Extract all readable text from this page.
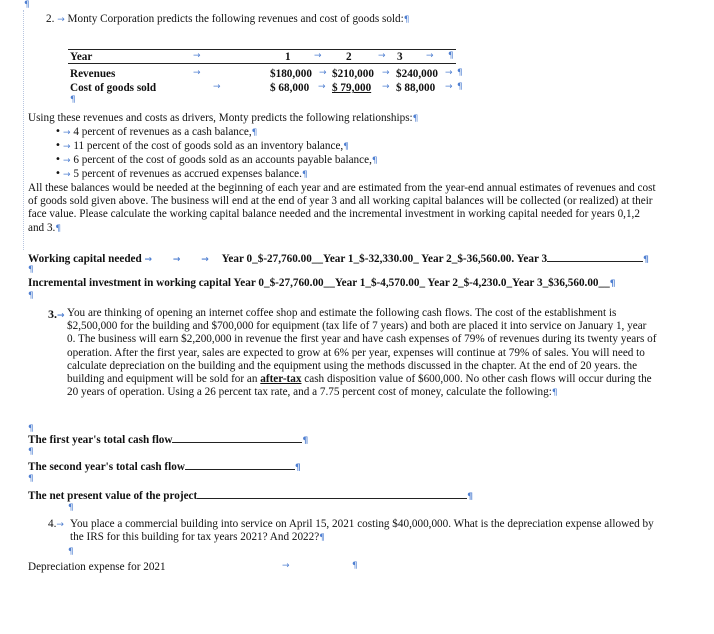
¶
2. → Monty Corporation predicts the following revenues and cost of goods sold:¶
Year	→	1	→ 2	→ 3	→ ¶
Revenues	→	$180,000 → $210,000 → $240,000 → ¶
Cost of goods sold	→	$ 68,000 → $ 79,000 → $ 88,000 → ¶
¶
Using these revenues and costs as drivers, Monty predicts the following relationships:¶
• → 4 percent of revenues as a cash balance,¶
• → 11 percent of the cost of goods sold as an inventory balance,¶
• → 6 percent of the cost of goods sold as an accounts payable balance,¶
• → 5 percent of revenues as accrued expenses balance.¶
All these balances would be needed at the beginning of each year and are estimated from the year-end annual estimates of revenues and cost of goods sold given above. The business will end at the end of year 3 and all working capital balances will be collected (or realized) at their face value. Please calculate the working capital balance needed and the incremental investment in working capital needed for years 0,1,2 and 3.¶
Working capital needed → → → Year 0_$-27,760.00__Year 1_$-32,330.00_ Year 2_$-36,560.00. Year 3	¶
¶
Incremental investment in working capital Year 0_$-27,760.00__Year 1_$-4,570.00_ Year 2_$-4,230.0_Year 3_$36,560.00__¶
¶
3.→ You are thinking of opening an internet coffee shop and estimate the following cash flows. The cost of the establishment is $2,500,000 for the building and $700,000 for equipment (tax life of 7 years) and both are placed it into service on January 1, year 0. The business will earn $2,200,000 in revenue the first year and have cash expenses of 79% of revenues during its twenty years of operation. After the first year, sales are expected to grow at 6% per year, expenses will continue at 79% of sales. You will need to calculate depreciation on the building and the equipment using the methods discussed in the chapter. At the end of 20 years. the building and equipment will be sold for an after-tax cash disposition value of $600,000. No other cash flows will occur during the 20 years of operation. Using a 26 percent tax rate, and a 7.75 percent cost of money, calculate the following:¶
¶
The first year's total cash flow	¶
¶
The second year's total cash flow	¶
¶
The net present value of the project	¶
¶
4.→ You place a commercial building into service on April 15, 2021 costing $40,000,000. What is the depreciation expense allowed by the IRS for this building for tax years 2021? And 2022?¶
¶
Depreciation expense for 2021	→	¶
